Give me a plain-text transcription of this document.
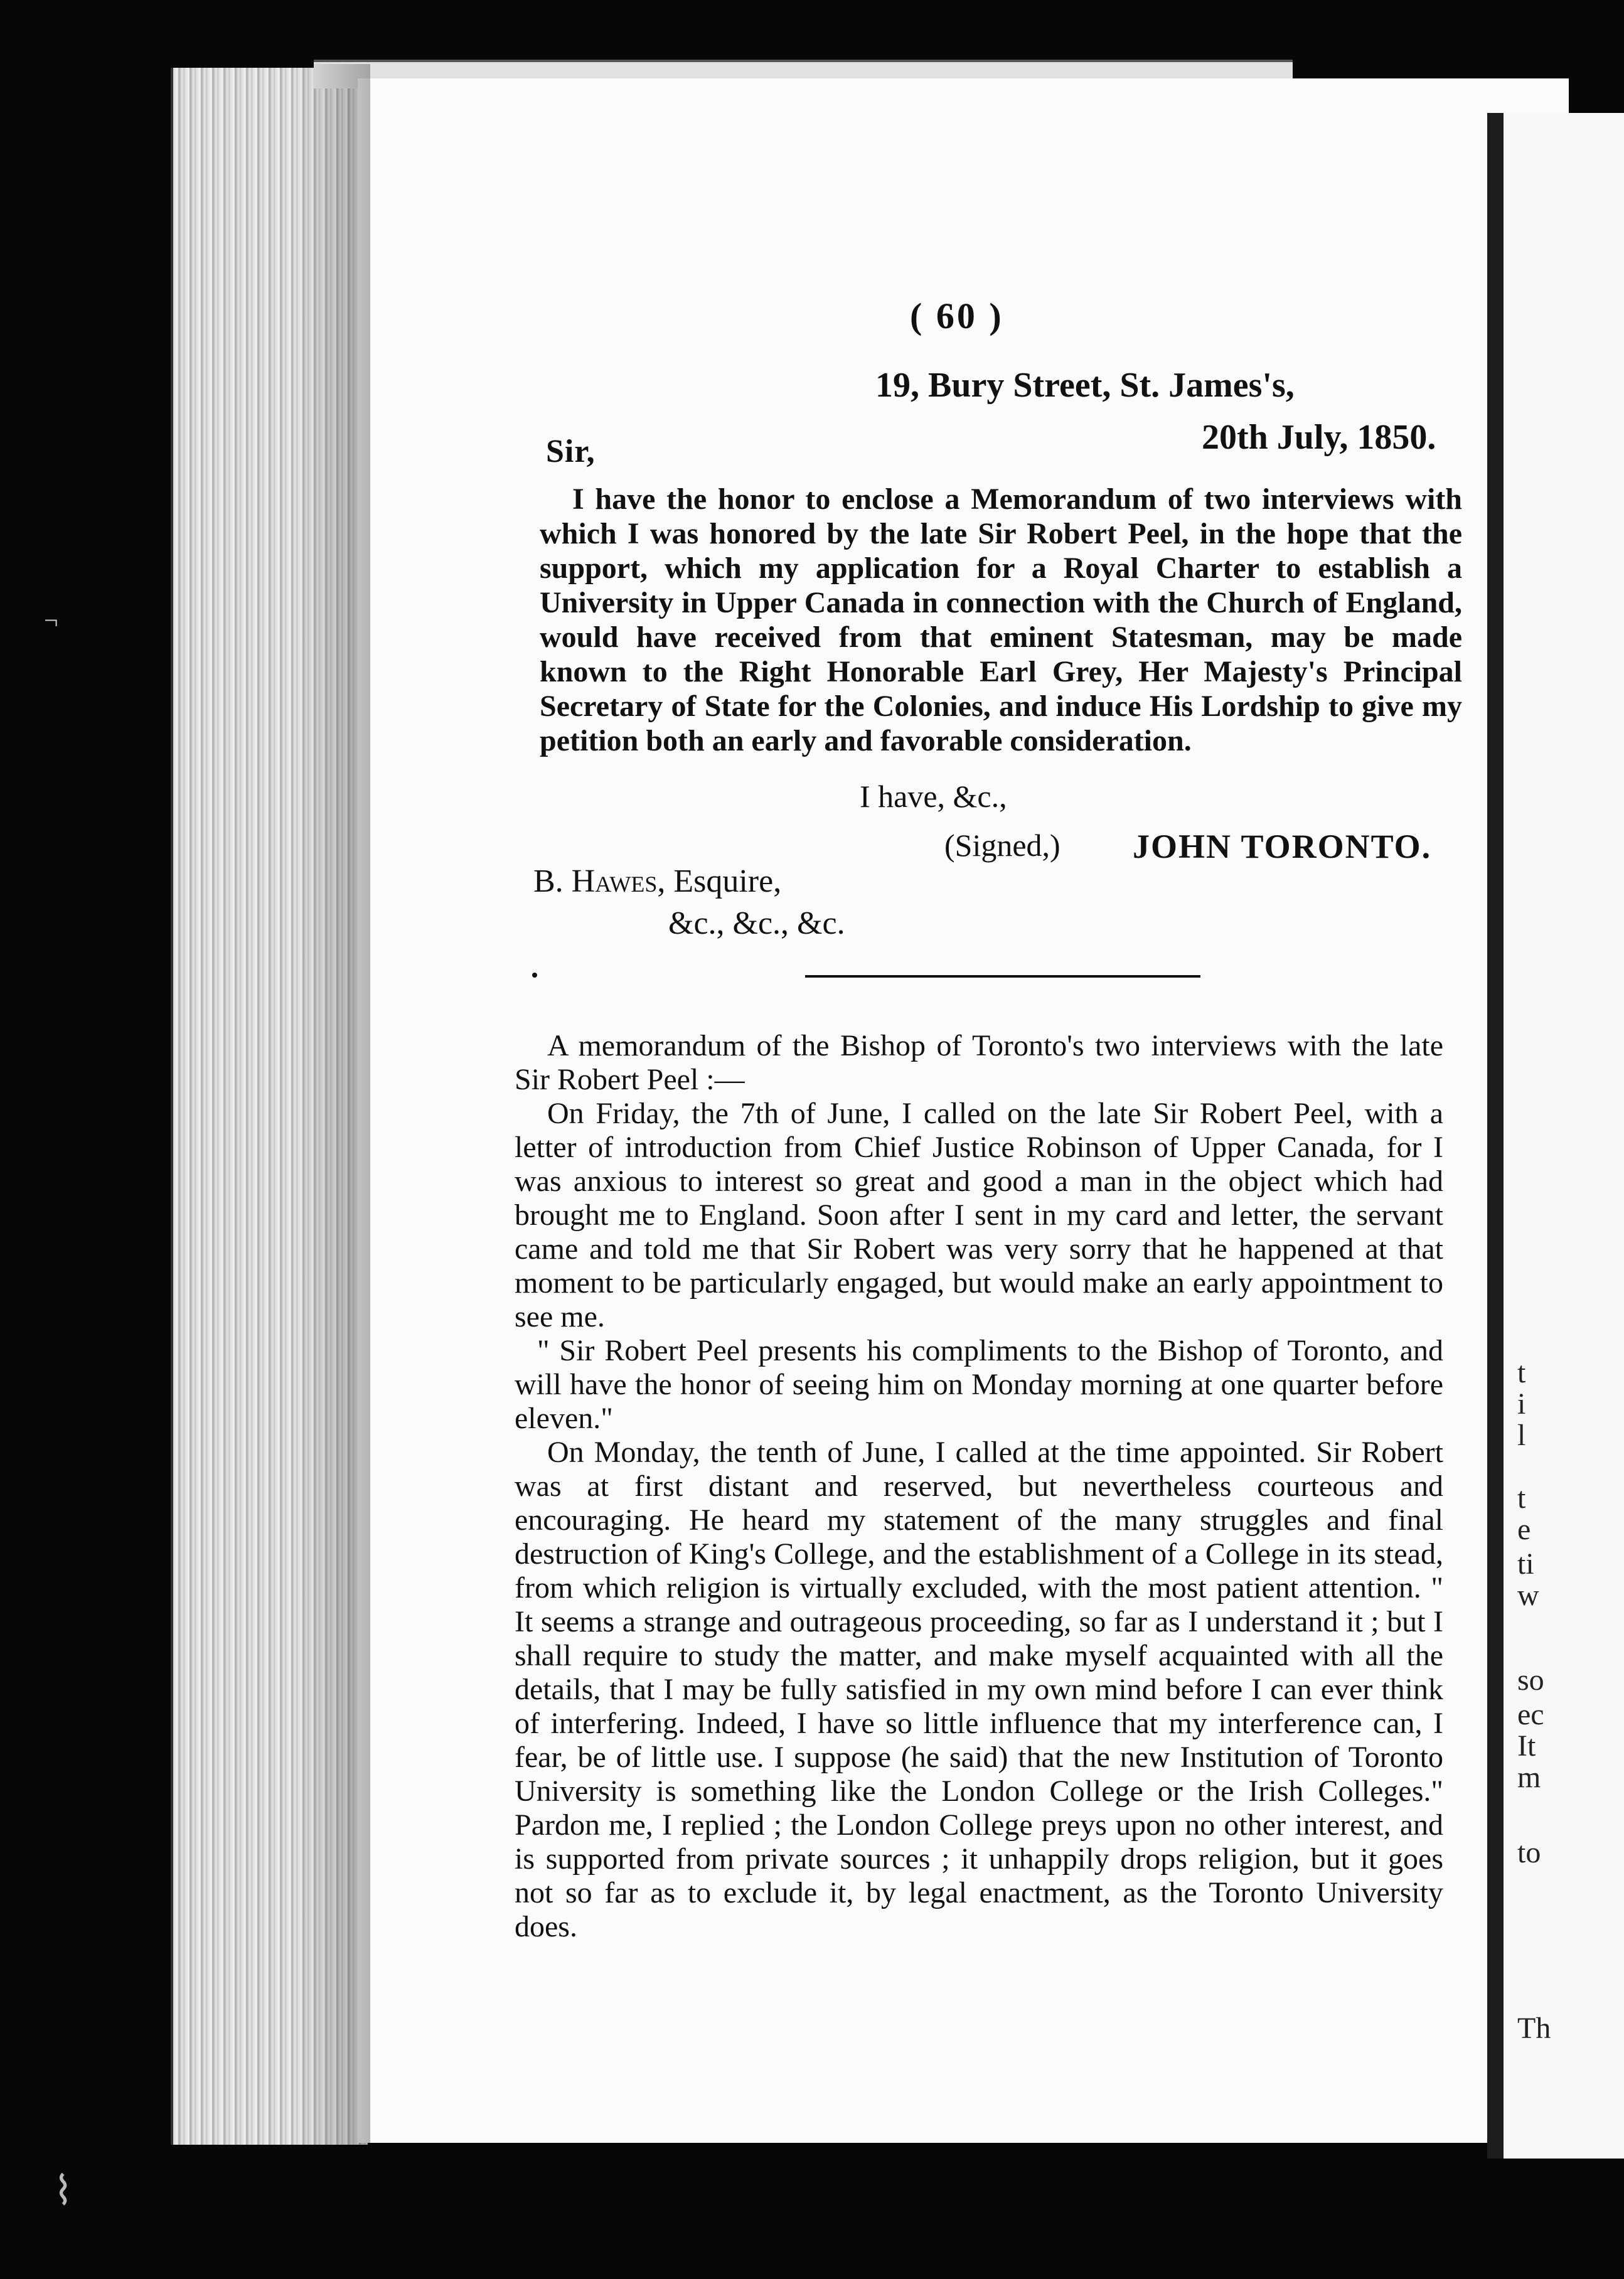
t
i
l
t
e
ti
w
so
ec
It
m
to
Th
¬
⌇
( 60 )
19, Bury Street, St. James's,
Sir,	20th July, 1850.

I have the honor to enclose a Memorandum of two interviews with which I was honored by the late Sir Robert Peel, in the hope that the support, which my application for a Royal Charter to establish a University in Upper Canada in connection with the Church of England, would have received from that eminent Statesman, may be made known to the Right Honorable Earl Grey, Her Majesty's Principal Secretary of State for the Colonies, and induce His Lordship to give my petition both an early and favorable consideration.

I have, &c.,
(Signed,) JOHN TORONTO.
B. Hawes, Esquire,
&c., &c., &c.

A memorandum of the Bishop of Toronto's two interviews with the late Sir Robert Peel :—

On Friday, the 7th of June, I called on the late Sir Robert Peel, with a letter of introduction from Chief Justice Robinson of Upper Canada, for I was anxious to interest so great and good a man in the object which had brought me to England. Soon after I sent in my card and letter, the servant came and told me that Sir Robert was very sorry that he happened at that moment to be particularly engaged, but would make an early appointment to see me.

" Sir Robert Peel presents his compliments to the Bishop of Toronto, and will have the honor of seeing him on Monday morning at one quarter before eleven."

On Monday, the tenth of June, I called at the time appointed. Sir Robert was at first distant and reserved, but nevertheless courteous and encouraging. He heard my statement of the many struggles and final destruction of King's College, and the establishment of a College in its stead, from which religion is virtually excluded, with the most patient attention. " It seems a strange and outrageous proceeding, so far as I understand it ; but I shall require to study the matter, and make myself acquainted with all the details, that I may be fully satisfied in my own mind before I can ever think of interfering. Indeed, I have so little influence that my interference can, I fear, be of little use. I suppose (he said) that the new Institution of Toronto University is something like the London College or the Irish Colleges." Pardon me, I replied ; the London College preys upon no other interest, and is supported from private sources ; it unhappily drops religion, but it goes not so far as to exclude it, by legal enactment, as the Toronto University does.
